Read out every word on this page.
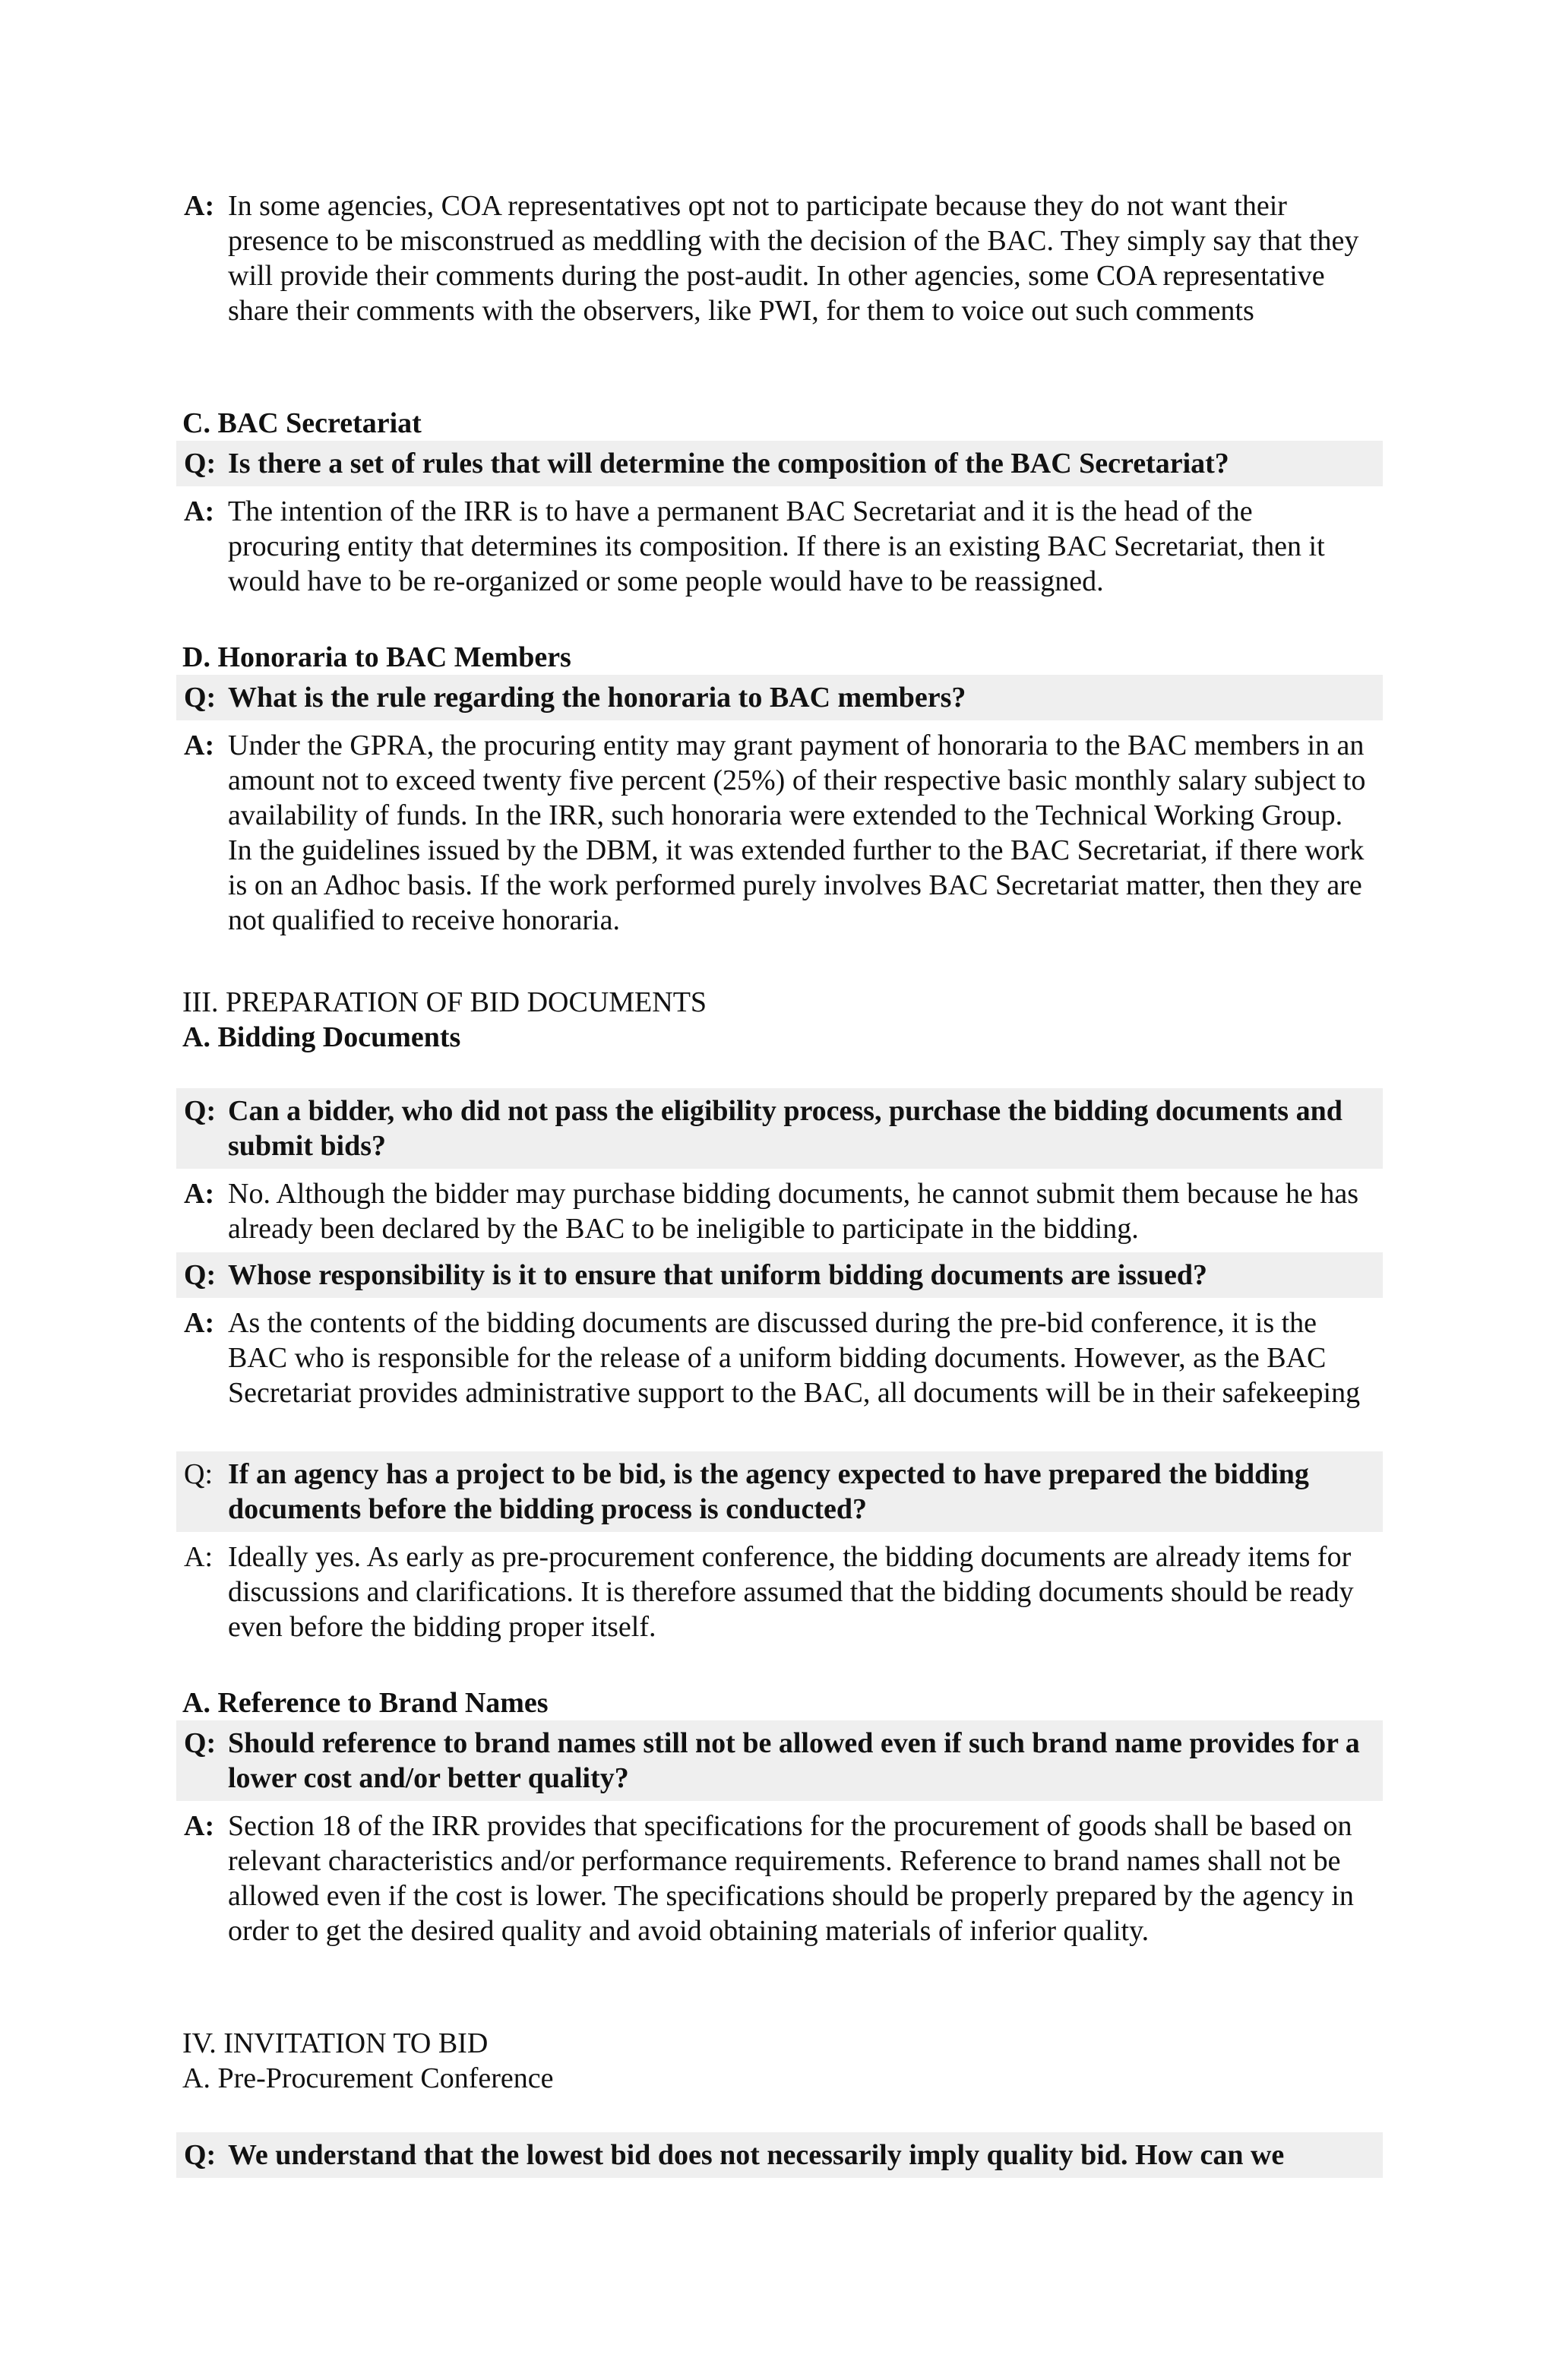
A: In some agencies, COA representatives opt not to participate because they do not want their presence to be misconstrued as meddling with the decision of the BAC. They simply say that they will provide their comments during the post-audit. In other agencies, some COA representative share their comments with the observers, like PWI, for them to voice out such comments
C. BAC Secretariat
Q: Is there a set of rules that will determine the composition of the BAC Secretariat?
A: The intention of the IRR is to have a permanent BAC Secretariat and it is the head of the procuring entity that determines its composition. If there is an existing BAC Secretariat, then it would have to be re-organized or some people would have to be reassigned.
D. Honoraria to BAC Members
Q: What is the rule regarding the honoraria to BAC members?
A: Under the GPRA, the procuring entity may grant payment of honoraria to the BAC members in an amount not to exceed twenty five percent (25%) of their respective basic monthly salary subject to availability of funds. In the IRR, such honoraria were extended to the Technical Working Group. In the guidelines issued by the DBM, it was extended further to the BAC Secretariat, if there work is on an Adhoc basis. If the work performed purely involves BAC Secretariat matter, then they are not qualified to receive honoraria.
III. PREPARATION OF BID DOCUMENTS
A. Bidding Documents
Q: Can a bidder, who did not pass the eligibility process, purchase the bidding documents and submit bids?
A: No. Although the bidder may purchase bidding documents, he cannot submit them because he has already been declared by the BAC to be ineligible to participate in the bidding.
Q: Whose responsibility is it to ensure that uniform bidding documents are issued?
A: As the contents of the bidding documents are discussed during the pre-bid conference, it is the BAC who is responsible for the release of a uniform bidding documents. However, as the BAC Secretariat provides administrative support to the BAC, all documents will be in their safekeeping
Q: If an agency has a project to be bid, is the agency expected to have prepared the bidding documents before the bidding process is conducted?
A: Ideally yes. As early as pre-procurement conference, the bidding documents are already items for discussions and clarifications. It is therefore assumed that the bidding documents should be ready even before the bidding proper itself.
A. Reference to Brand Names
Q: Should reference to brand names still not be allowed even if such brand name provides for a lower cost and/or better quality?
A: Section 18 of the IRR provides that specifications for the procurement of goods shall be based on relevant characteristics and/or performance requirements. Reference to brand names shall not be allowed even if the cost is lower. The specifications should be properly prepared by the agency in order to get the desired quality and avoid obtaining materials of inferior quality.
IV. INVITATION TO BID
A. Pre-Procurement Conference
Q: We understand that the lowest bid does not necessarily imply quality bid. How can we
